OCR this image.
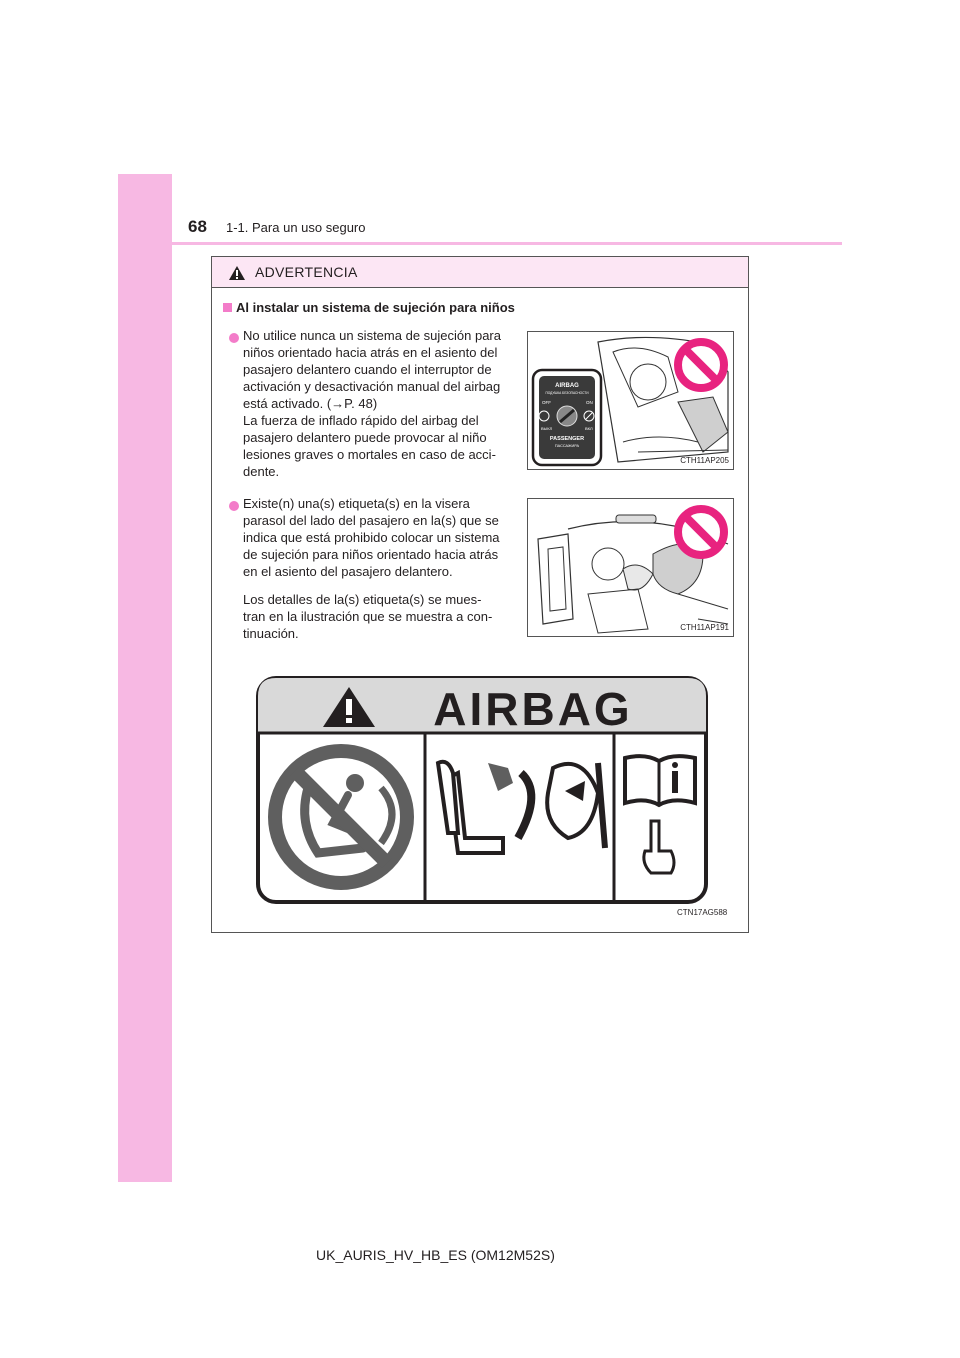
68 1-1. Para un uso seguro
ADVERTENCIA
Al instalar un sistema de sujeción para niños
No utilice nunca un sistema de sujeción para
niños orientado hacia atrás en el asiento del
pasajero delantero cuando el interruptor de
activación y desactivación manual del airbag
está activado. (→P. 48)
La fuerza de inflado rápido del airbag del
pasajero delantero puede provocar al niño
lesiones graves o mortales en caso de acci-
dente.
AIRBAG
ПОДУШКА БЕЗОПАСНОСТИ
OFF	ON
ВЫКЛ	ВКЛ
PASSENGER
ПАССАЖИРА
CTH11AP205
Existe(n) una(s) etiqueta(s) en la visera
parasol del lado del pasajero en la(s) que se
indica que está prohibido colocar un sistema
de sujeción para niños orientado hacia atrás
en el asiento del pasajero delantero.
Los detalles de la(s) etiqueta(s) se mues-
tran en la ilustración que se muestra a con-
tinuación.	CTH11AP191
AIRBAG
CTN17AG588
UK_AURIS_HV_HB_ES (OM12M52S)
